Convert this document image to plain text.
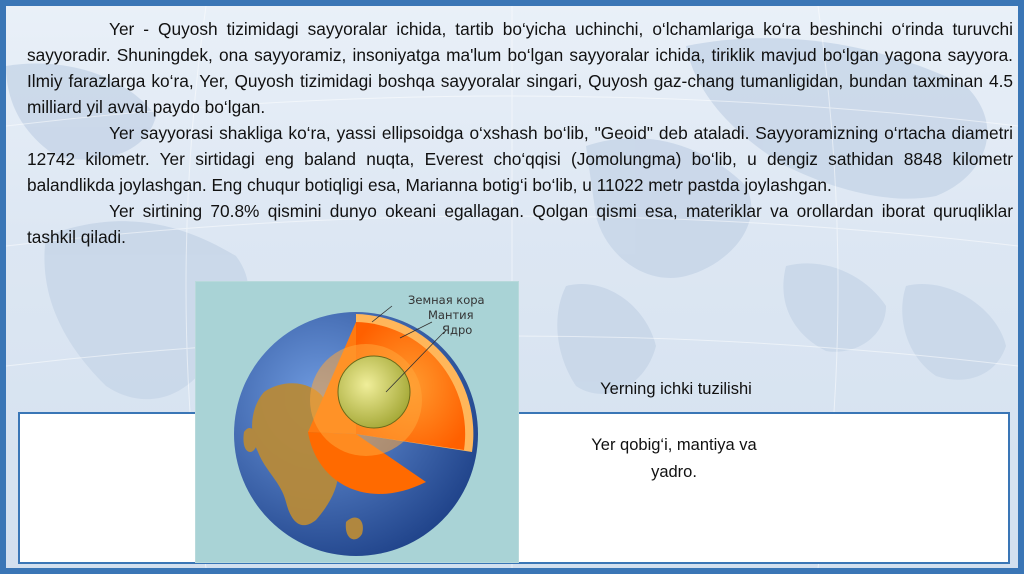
Yer - Quyosh tizimidagi sayyoralar ichida, tartib bo‘yicha uchinchi, o‘lchamlariga ko‘ra beshinchi o‘rinda turuvchi sayyoradir. Shuningdek, ona sayyoramiz, insoniyatga ma'lum bo‘lgan sayyoralar ichida, tiriklik mavjud bo‘lgan yagona sayyora. Ilmiy farazlarga ko‘ra, Yer, Quyosh tizimidagi boshqa sayyoralar singari, Quyosh gaz-chang tumanligidan, bundan taxminan 4.5 milliard yil avval paydo bo‘lgan.

Yer sayyorasi shakliga ko‘ra, yassi ellipsoidga o‘xshash bo‘lib, "Geoid" deb ataladi. Sayyoramizning o‘rtacha diametri 12742 kilometr. Yer sirtidagi eng baland nuqta, Everest cho‘qqisi (Jomolungma) bo‘lib, u dengiz sathidan 8848 kilometr balandlikda joylashgan. Eng chuqur botiqligi esa, Marianna botig‘i bo‘lib, u 11022 metr pastda joylashgan.

Yer sirtining 70.8% qismini dunyo okeani egallagan. Qolgan qismi esa, materiklar va orollardan iborat quruqliklar tashkil qiladi.

Земная кора
Мантия
Ядро
Yerning ichki tuzilishi
Yer qobig‘i, mantiya va
yadro.
